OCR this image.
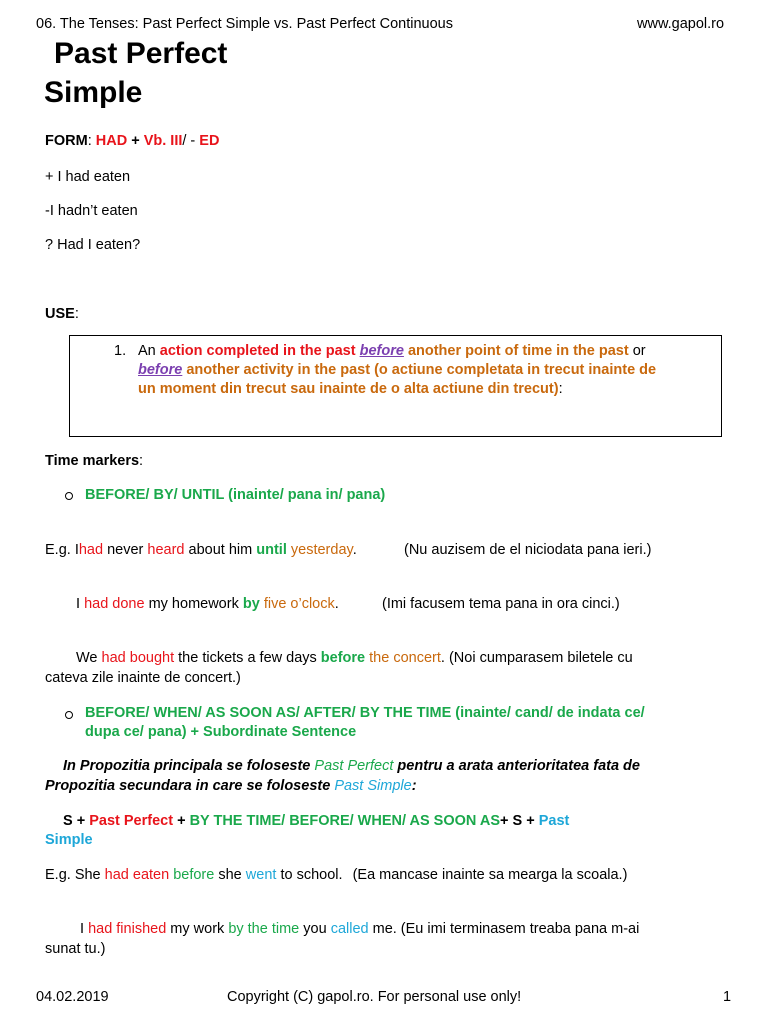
06. The Tenses: Past Perfect Simple vs. Past Perfect Continuous	www.gapol.ro
Past Perfect
Simple
FORM: HAD + Vb. III/ - ED
+ I had eaten
-I hadn’t eaten
? Had I eaten?
USE:
1. An action completed in the past before another point of time in the past or
before another activity in the past (o actiune completata in trecut inainte de
un moment din trecut sau inainte de o alta actiune din trecut):
Time markers:
BEFORE/ BY/ UNTIL (inainte/ pana in/ pana)
E.g. Ihad never heard about him until yesterday.	(Nu auzisem de el niciodata pana ieri.)
I had done my homework by five o’clock.	(Imi facusem tema pana in ora cinci.)
We had bought the tickets a few days before the concert. (Noi cumparasem biletele cu
cateva zile inainte de concert.)
BEFORE/ WHEN/ AS SOON AS/ AFTER/ BY THE TIME (inainte/ cand/ de indata ce/
dupa ce/ pana) + Subordinate Sentence
In Propozitia principala se foloseste Past Perfect pentru a arata anterioritatea fata de
Propozitia secundara in care se foloseste Past Simple:
S + Past Perfect + BY THE TIME/ BEFORE/ WHEN/ AS SOON AS+ S + Past
Simple
E.g. She had eaten before she went to school. (Ea mancase inainte sa mearga la scoala.)
I had finished my work by the time you called me. (Eu imi terminasem treaba pana m-ai
sunat tu.)
04.02.2019	Copyright (C) gapol.ro. For personal use only!	1
